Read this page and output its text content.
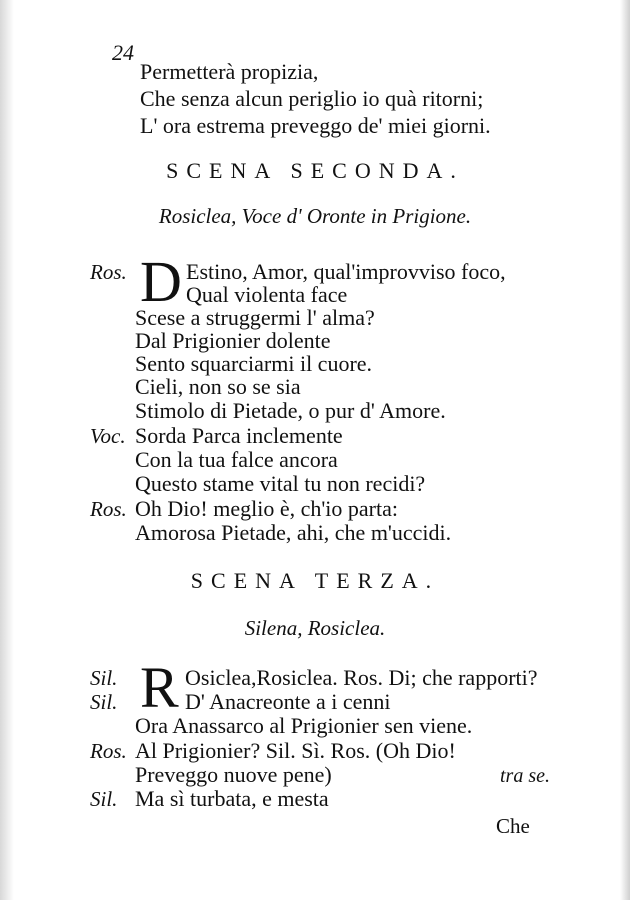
24
Permetterà propizia,
Che senza alcun periglio io quà ritorni;
L' ora estrema preveggo de' miei giorni.
SCENA SECONDA.
Rosiclea, Voce d' Oronte in Prigione.
Ros. D Estino, Amor, qual'improvviso foco,
Qual violenta face
Scese a struggermi l' alma?
Dal Prigionier dolente
Sento squarciarmi il cuore.
Cieli, non so se sia
Stimolo di Pietade, o pur d' Amore.
Voc. Sorda Parca inclemente
Con la tua falce ancora
Questo stame vital tu non recidi?
Ros. Oh Dio! meglio è, ch'io parta:
Amorosa Pietade, ahi, che m'uccidi.
SCENA TERZA.
Silena, Rosiclea.
Sil. R Osiclea,Rosiclea. Ros. Di; che rapporti?
Sil.	D' Anacreonte a i cenni
Ora Anassarco al Prigionier sen viene.
Ros. Al Prigionier? Sil. Sì. Ros. (Oh Dio!
Preveggo nuove pene)	tra se.
Sil. Ma sì turbata, e mesta
Che
